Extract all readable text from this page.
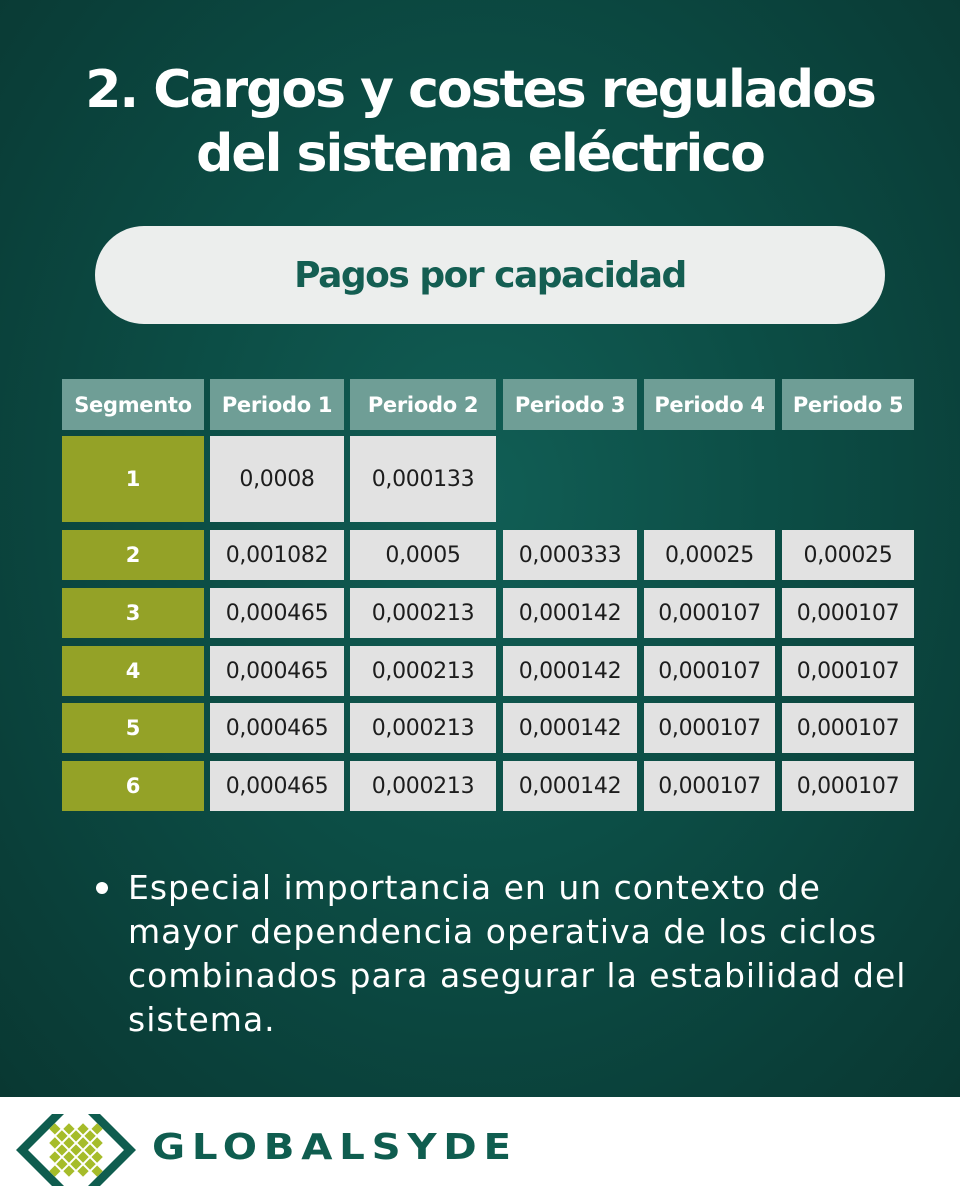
2. Cargos y costes regulados
del sistema eléctrico
Pagos por capacidad
Segmento	Periodo 1	Periodo 2	Periodo 3	Periodo 4	Periodo 5
1	0,0008	0,000133
2	0,001082	0,0005	0,000333	0,00025	0,00025
3	0,000465	0,000213	0,000142	0,000107	0,000107
4	0,000465	0,000213	0,000142	0,000107	0,000107
5	0,000465	0,000213	0,000142	0,000107	0,000107
6	0,000465	0,000213	0,000142	0,000107	0,000107
Especial importancia en un contexto de mayor dependencia operativa de los ciclos combinados para asegurar la estabilidad del sistema.
GLOBALSYDE
